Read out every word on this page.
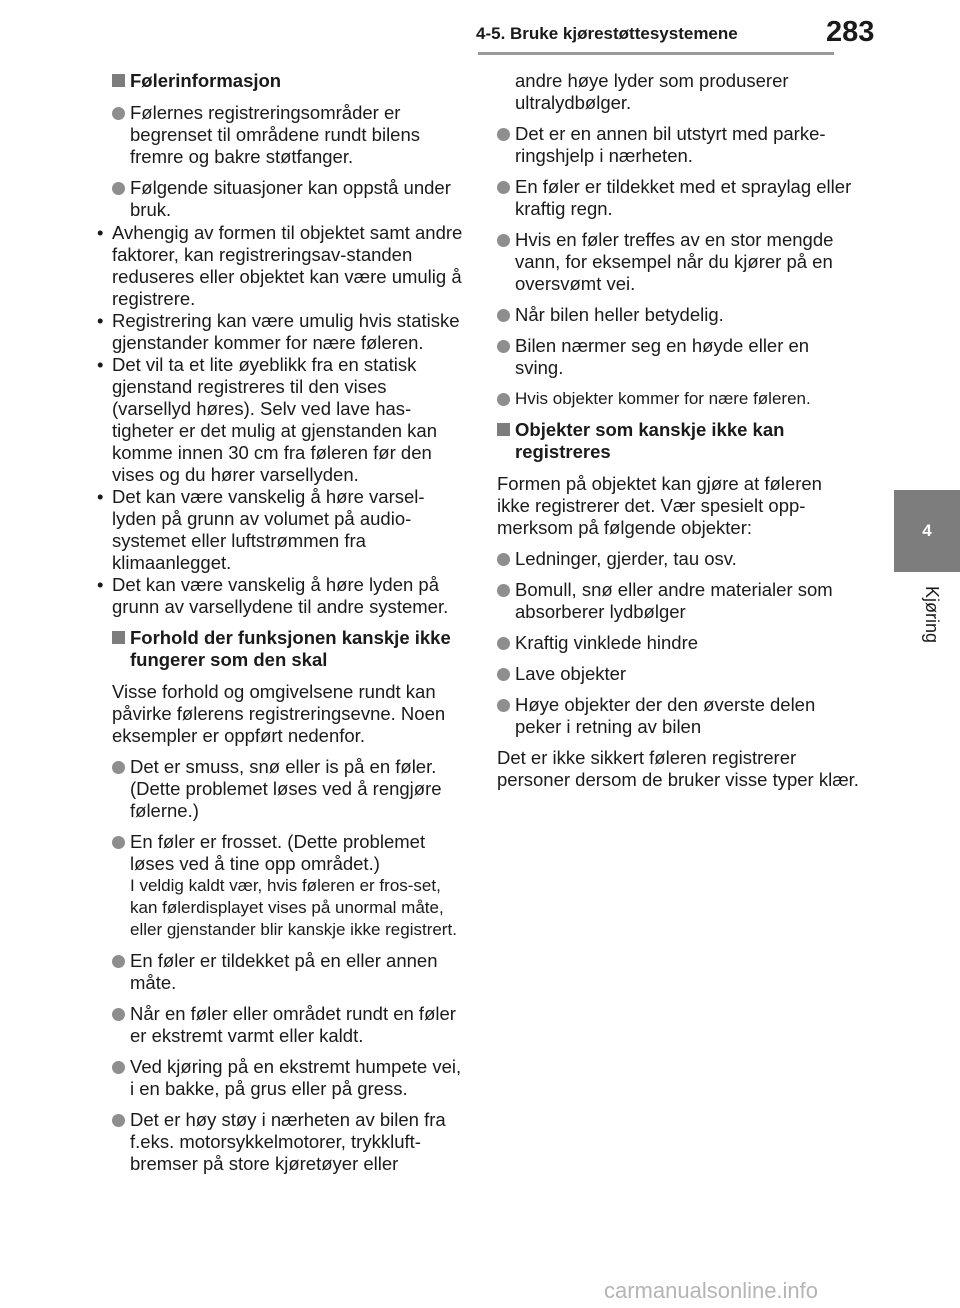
4-5. Bruke kjørestøttesystemene	283
4
Kjøring
Følerinformasjon
Følernes registreringsområder er begrenset til områdene rundt bilens fremre og bakre støtfanger.
Følgende situasjoner kan oppstå under bruk.
• Avhengig av formen til objektet samt andre faktorer, kan registreringsav-standen reduseres eller objektet kan være umulig å registrere.
• Registrering kan være umulig hvis statiske gjenstander kommer for nære føleren.
• Det vil ta et lite øyeblikk fra en statisk gjenstand registreres til den vises (varsellyd høres). Selv ved lave has-tigheter er det mulig at gjenstanden kan komme innen 30 cm fra føleren før den vises og du hører varsellyden.
• Det kan være vanskelig å høre varsel-lyden på grunn av volumet på audio-systemet eller luftstrømmen fra klimaanlegget.
• Det kan være vanskelig å høre lyden på grunn av varsellydene til andre systemer.
Forhold der funksjonen kanskje ikke fungerer som den skal
Visse forhold og omgivelsene rundt kan påvirke følerens registreringsevne. Noen eksempler er oppført nedenfor.
Det er smuss, snø eller is på en føler. (Dette problemet løses ved å rengjøre følerne.)
En føler er frosset. (Dette problemet løses ved å tine opp området.)
I veldig kaldt vær, hvis føleren er fros-set, kan følerdisplayet vises på unormal måte, eller gjenstander blir kanskje ikke registrert.
En føler er tildekket på en eller annen måte.
Når en føler eller området rundt en føler er ekstremt varmt eller kaldt.
Ved kjøring på en ekstremt humpete vei, i en bakke, på grus eller på gress.
Det er høy støy i nærheten av bilen fra f.eks. motorsykkelmotorer, trykkluft-bremser på store kjøretøyer eller
andre høye lyder som produserer ultralydbølger.
Det er en annen bil utstyrt med parke-ringshjelp i nærheten.
En føler er tildekket med et spraylag eller kraftig regn.
Hvis en føler treffes av en stor mengde vann, for eksempel når du kjører på en oversvømt vei.
Når bilen heller betydelig.
Bilen nærmer seg en høyde eller en sving.
Hvis objekter kommer for nære føleren.
Objekter som kanskje ikke kan registreres
Formen på objektet kan gjøre at føleren ikke registrerer det. Vær spesielt opp-merksom på følgende objekter:
Ledninger, gjerder, tau osv.
Bomull, snø eller andre materialer som absorberer lydbølger
Kraftig vinklede hindre
Lave objekter
Høye objekter der den øverste delen peker i retning av bilen
Det er ikke sikkert føleren registrerer personer dersom de bruker visse typer klær.
carmanualsonline.info
